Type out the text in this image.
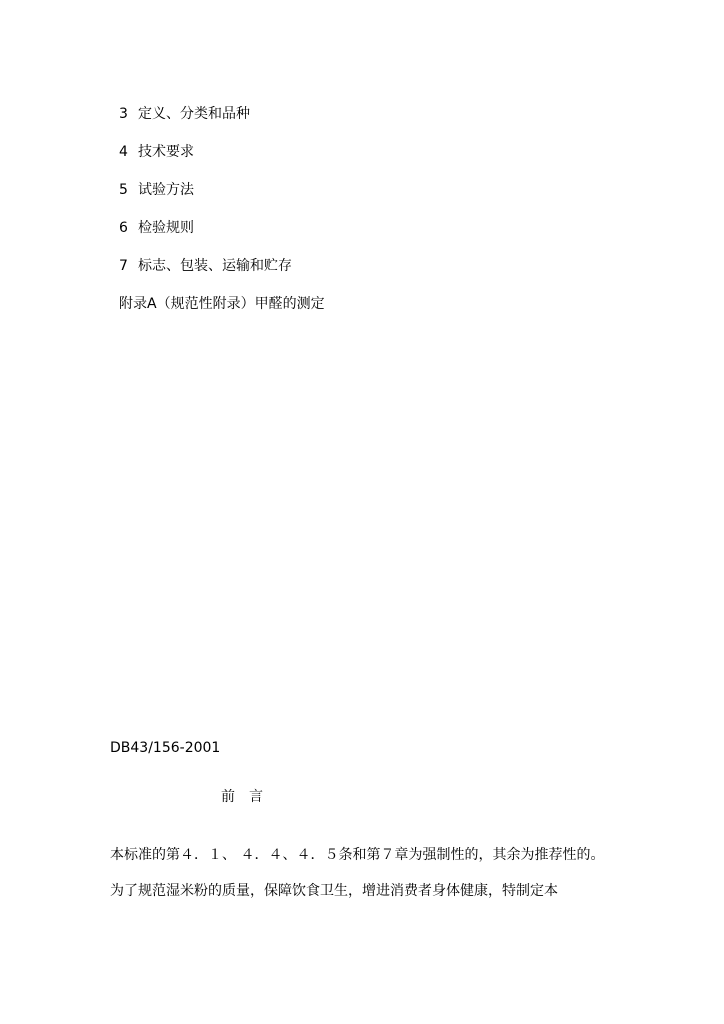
3 定义、分类和品种
4 技术要求
5 试验方法
6 检验规则
7 标志、包装、运输和贮存
附录A（规范性附录）甲醛的测定
DB43/156-2001
前 言
本标准的第４．１、 ４．４、４．５条和第７章为强制性的，其余为推荐性的。
为了规范湿米粉的质量，保障饮食卫生，增进消费者身体健康，特制定本
